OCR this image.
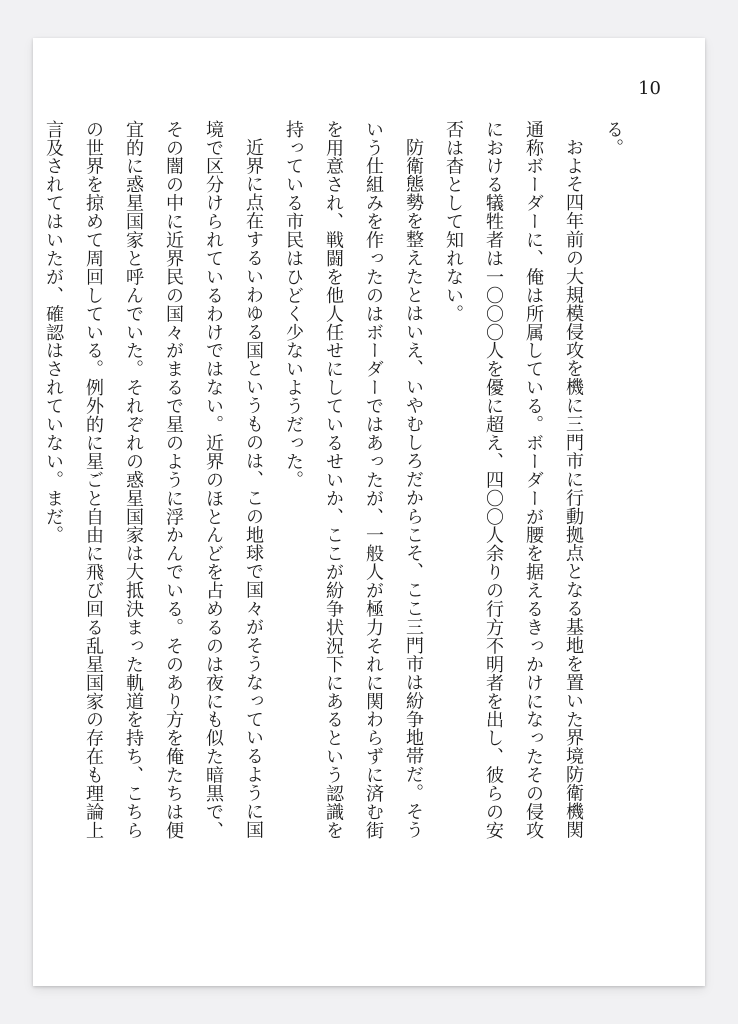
10
る。
およそ四年前の大規模侵攻を機に三門市に行動拠点となる基地を置いた界境防衛機関
通称ボーダーに、俺は所属している。ボーダーが腰を据えるきっかけになったその侵攻
における犠牲者は一〇〇〇人を優に超え、四〇〇人余りの行方不明者を出し、彼らの安
否は杳として知れない。
防衛態勢を整えたとはいえ、いやむしろだからこそ、ここ三門市は紛争地帯だ。そう
いう仕組みを作ったのはボーダーではあったが、一般人が極力それに関わらずに済む街
を用意され、戦闘を他人任せにしているせいか、ここが紛争状況下にあるという認識を
持っている市民はひどく少ないようだった。
近界に点在するいわゆる国というものは、この地球で国々がそうなっているように国
境で区分けられているわけではない。近界のほとんどを占めるのは夜にも似た暗黒で、
その闇の中に近界民の国々がまるで星のように浮かんでいる。そのあり方を俺たちは便
宜的に惑星国家と呼んでいた。それぞれの惑星国家は大抵決まった軌道を持ち、こちら
の世界を掠めて周回している。例外的に星ごと自由に飛び回る乱星国家の存在も理論上
言及されてはいたが、確認はされていない。まだ。
